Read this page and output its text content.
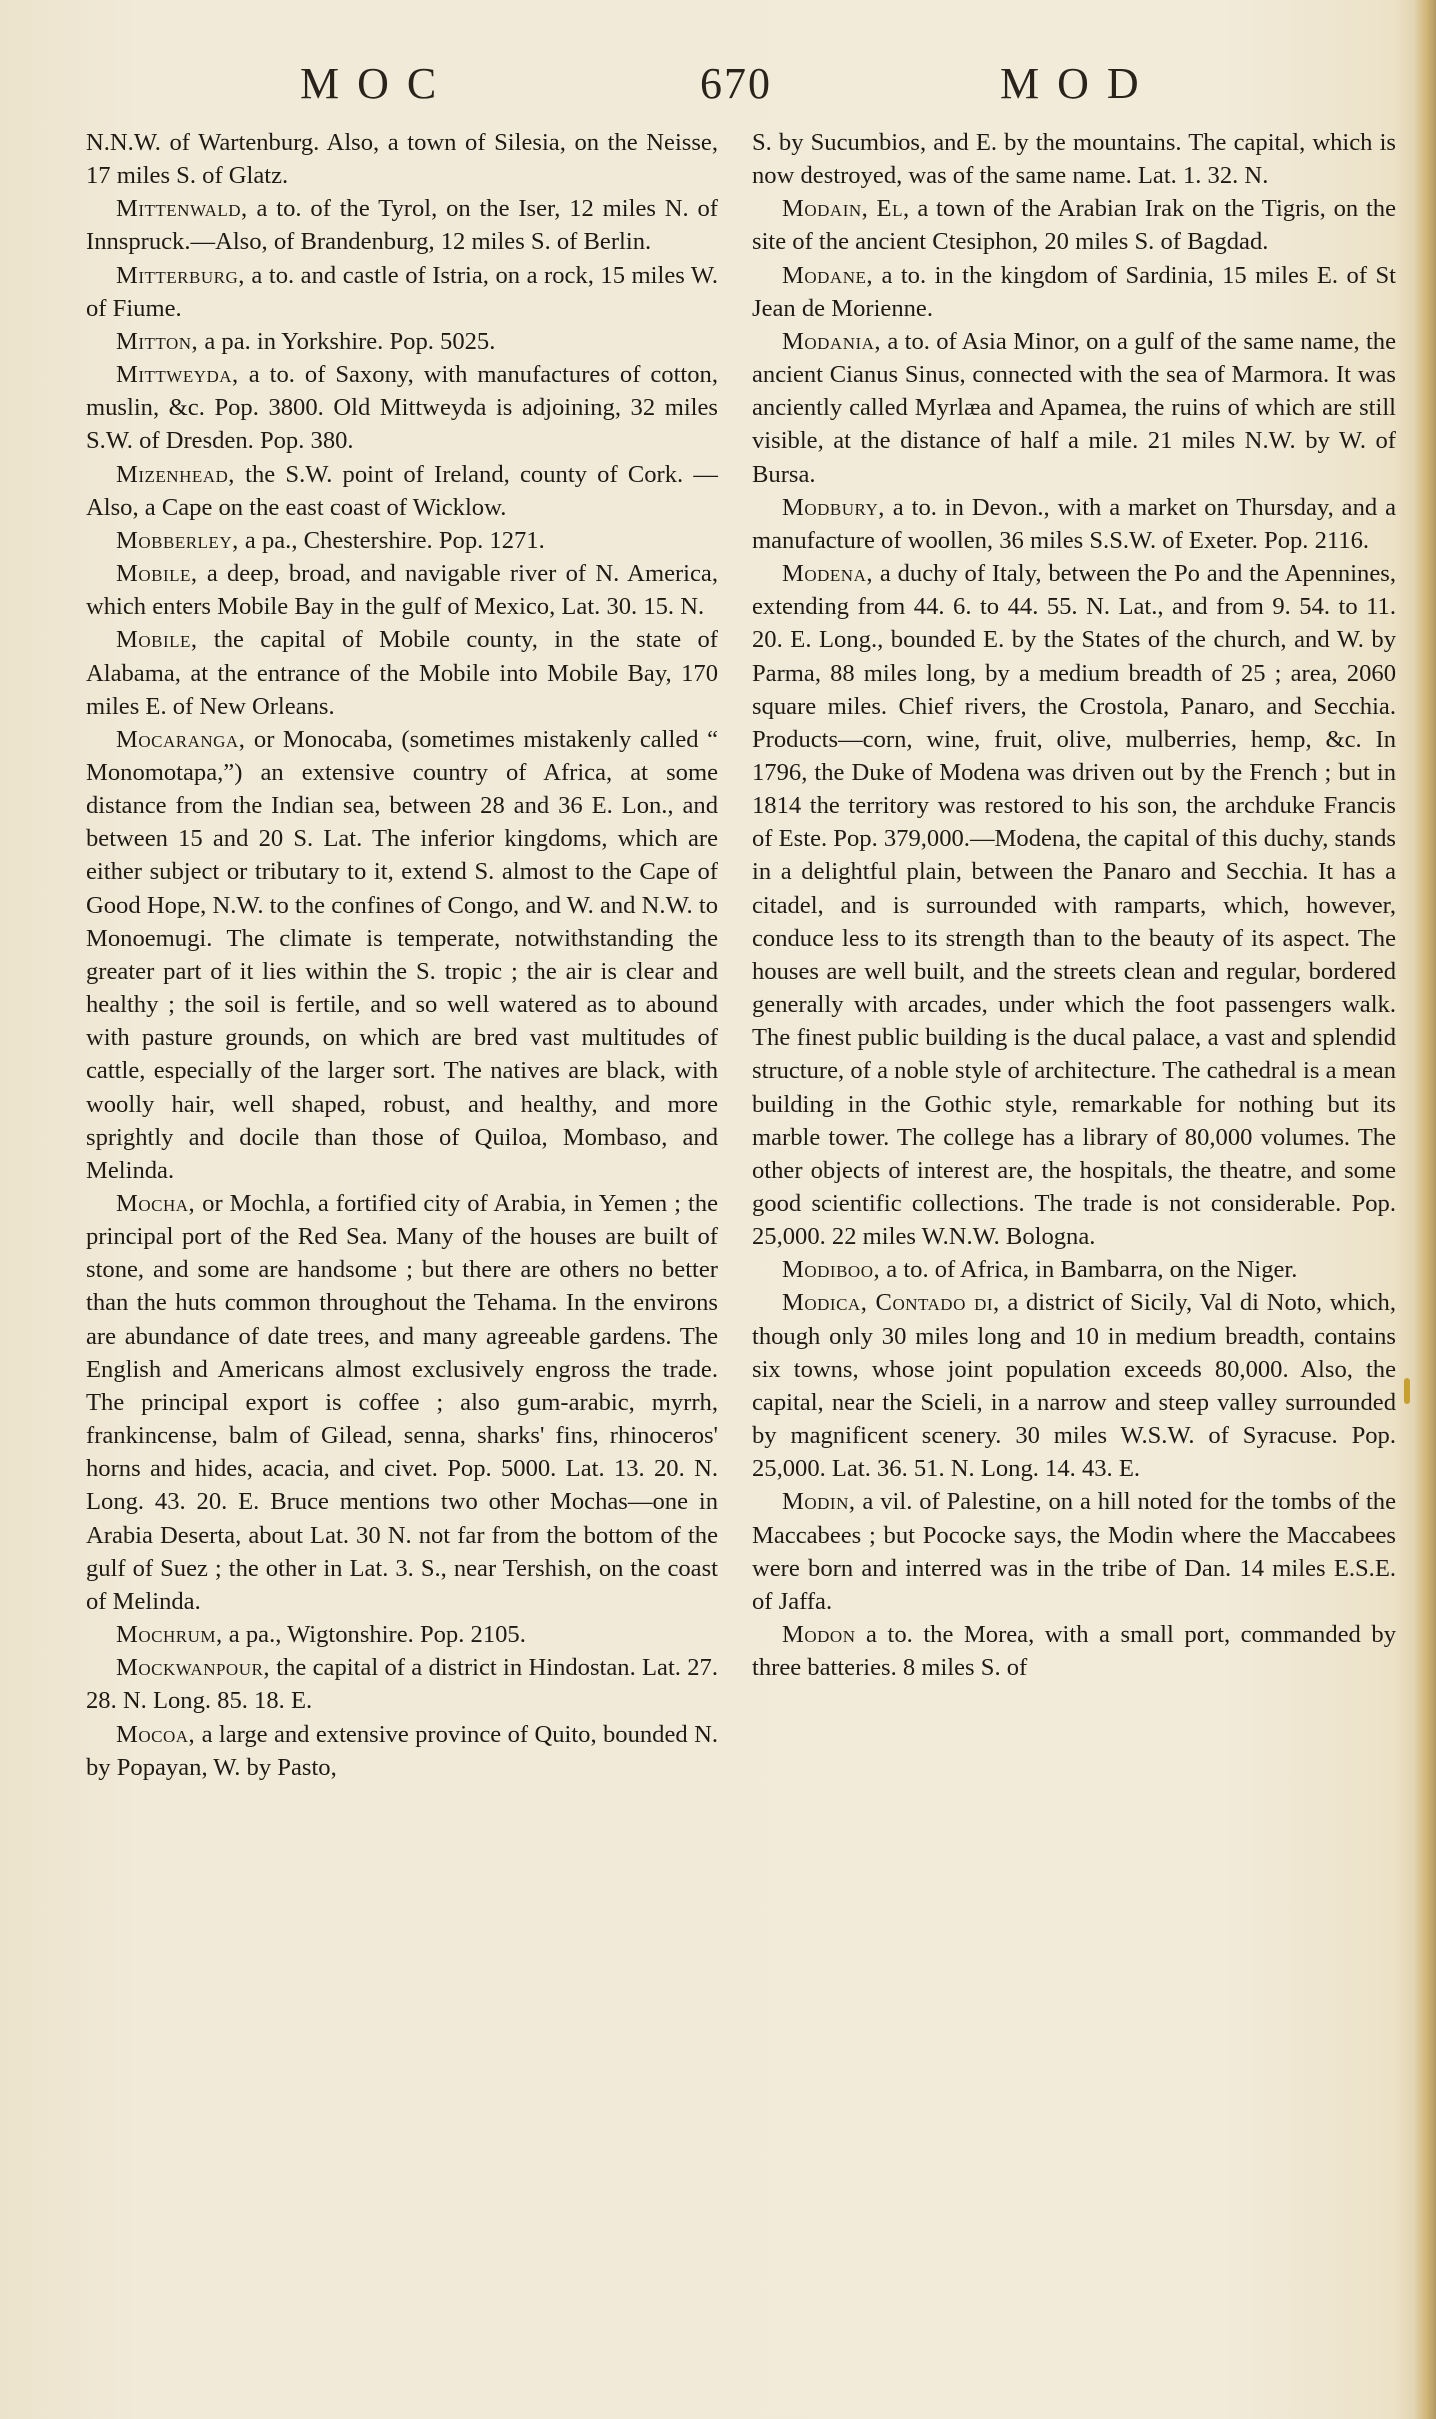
MOC	670	MOD

N.N.W. of Wartenburg. Also, a town of Silesia, on the Neisse, 17 miles S. of Glatz.

Mittenwald, a to. of the Tyrol, on the Iser, 12 miles N. of Innspruck.—Also, of Brandenburg, 12 miles S. of Berlin.

Mitterburg, a to. and castle of Istria, on a rock, 15 miles W. of Fiume.

Mitton, a pa. in Yorkshire. Pop. 5025.

Mittweyda, a to. of Saxony, with manufactures of cotton, muslin, &c. Pop. 3800. Old Mittweyda is adjoining, 32 miles S.W. of Dresden. Pop. 380.

Mizenhead, the S.W. point of Ireland, county of Cork. —Also, a Cape on the east coast of Wicklow.

Mobberley, a pa., Chestershire. Pop. 1271.

Mobile, a deep, broad, and navigable river of N. America, which enters Mobile Bay in the gulf of Mexico, Lat. 30. 15. N.

Mobile, the capital of Mobile county, in the state of Alabama, at the entrance of the Mobile into Mobile Bay, 170 miles E. of New Orleans.

Mocaranga, or Monocaba, (sometimes mistakenly called “ Monomotapa,”) an extensive country of Africa, at some distance from the Indian sea, between 28 and 36 E. Lon., and between 15 and 20 S. Lat. The inferior kingdoms, which are either subject or tributary to it, extend S. almost to the Cape of Good Hope, N.W. to the confines of Congo, and W. and N.W. to Monoemugi. The climate is temperate, notwithstanding the greater part of it lies within the S. tropic ; the air is clear and healthy ; the soil is fertile, and so well watered as to abound with pasture grounds, on which are bred vast multitudes of cattle, especially of the larger sort. The natives are black, with woolly hair, well shaped, robust, and healthy, and more sprightly and docile than those of Quiloa, Mombaso, and Melinda.

Mocha, or Mochla, a fortified city of Arabia, in Yemen ; the principal port of the Red Sea. Many of the houses are built of stone, and some are handsome ; but there are others no better than the huts common throughout the Tehama. In the environs are abundance of date trees, and many agreeable gardens. The English and Americans almost exclusively engross the trade. The principal export is coffee ; also gum-arabic, myrrh, frankincense, balm of Gilead, senna, sharks' fins, rhinoceros' horns and hides, acacia, and civet. Pop. 5000. Lat. 13. 20. N. Long. 43. 20. E. Bruce mentions two other Mochas—one in Arabia Deserta, about Lat. 30 N. not far from the bottom of the gulf of Suez ; the other in Lat. 3. S., near Tershish, on the coast of Melinda.

Mochrum, a pa., Wigtonshire. Pop. 2105.

Mockwanpour, the capital of a district in Hindostan. Lat. 27. 28. N. Long. 85. 18. E.

Mocoa, a large and extensive province of Quito, bounded N. by Popayan, W. by Pasto,

S. by Sucumbios, and E. by the mountains. The capital, which is now destroyed, was of the same name. Lat. 1. 32. N.

Modain, El, a town of the Arabian Irak on the Tigris, on the site of the ancient Ctesiphon, 20 miles S. of Bagdad.

Modane, a to. in the kingdom of Sardinia, 15 miles E. of St Jean de Morienne.

Modania, a to. of Asia Minor, on a gulf of the same name, the ancient Cianus Sinus, connected with the sea of Marmora. It was anciently called Myrlæa and Apamea, the ruins of which are still visible, at the distance of half a mile. 21 miles N.W. by W. of Bursa.

Modbury, a to. in Devon., with a market on Thursday, and a manufacture of woollen, 36 miles S.S.W. of Exeter. Pop. 2116.

Modena, a duchy of Italy, between the Po and the Apennines, extending from 44. 6. to 44. 55. N. Lat., and from 9. 54. to 11. 20. E. Long., bounded E. by the States of the church, and W. by Parma, 88 miles long, by a medium breadth of 25 ; area, 2060 square miles. Chief rivers, the Crostola, Panaro, and Secchia. Products—corn, wine, fruit, olive, mulberries, hemp, &c. In 1796, the Duke of Modena was driven out by the French ; but in 1814 the territory was restored to his son, the archduke Francis of Este. Pop. 379,000.—Modena, the capital of this duchy, stands in a delightful plain, between the Panaro and Secchia. It has a citadel, and is surrounded with ramparts, which, however, conduce less to its strength than to the beauty of its aspect. The houses are well built, and the streets clean and regular, bordered generally with arcades, under which the foot passengers walk. The finest public building is the ducal palace, a vast and splendid structure, of a noble style of architecture. The cathedral is a mean building in the Gothic style, remarkable for nothing but its marble tower. The college has a library of 80,000 volumes. The other objects of interest are, the hospitals, the theatre, and some good scientific collections. The trade is not considerable. Pop. 25,000. 22 miles W.N.W. Bologna.

Modiboo, a to. of Africa, in Bambarra, on the Niger.

Modica, Contado di, a district of Sicily, Val di Noto, which, though only 30 miles long and 10 in medium breadth, contains six towns, whose joint population exceeds 80,000. Also, the capital, near the Scieli, in a narrow and steep valley surrounded by magnificent scenery. 30 miles W.S.W. of Syracuse. Pop. 25,000. Lat. 36. 51. N. Long. 14. 43. E.

Modin, a vil. of Palestine, on a hill noted for the tombs of the Maccabees ; but Pococke says, the Modin where the Maccabees were born and interred was in the tribe of Dan. 14 miles E.S.E. of Jaffa.

Modon a to. the Morea, with a small port, commanded by three batteries. 8 miles S. of
